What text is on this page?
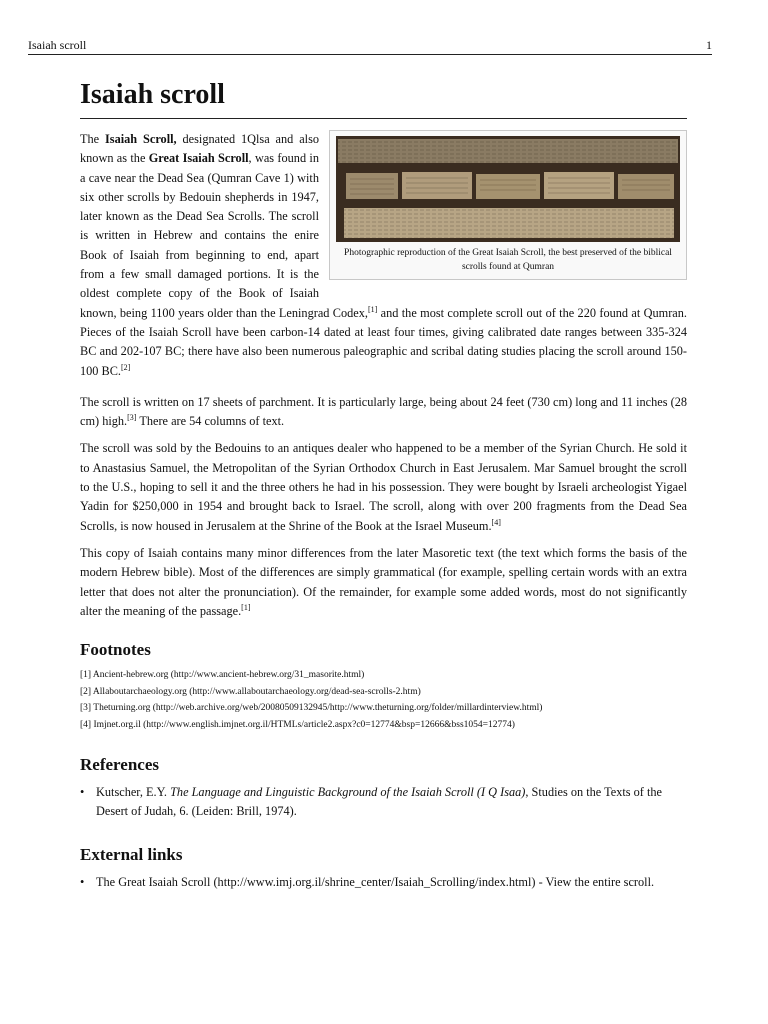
Isaiah scroll	1
Isaiah scroll
Photographic reproduction of the Great Isaiah Scroll, the best preserved of the biblical scrolls found at Qumran

The Isaiah Scroll, designated 1Qlsa and also known as the Great Isaiah Scroll, was found in a cave near the Dead Sea (Qumran Cave 1) with six other scrolls by Bedouin shepherds in 1947, later known as the Dead Sea Scrolls. The scroll is written in Hebrew and contains the enire Book of Isaiah from beginning to end, apart from a few small damaged portions. It is the oldest complete copy of the Book of Isaiah known, being 1100 years older than the Leningrad Codex,[1] and the most complete scroll out of the 220 found at Qumran. Pieces of the Isaiah Scroll have been carbon-14 dated at least four times, giving calibrated date ranges between 335-324 BC and 202-107 BC; there have also been numerous paleographic and scribal dating studies placing the scroll around 150-100 BC.[2]

The scroll is written on 17 sheets of parchment. It is particularly large, being about 24 feet (730 cm) long and 11 inches (28 cm) high.[3] There are 54 columns of text.

The scroll was sold by the Bedouins to an antiques dealer who happened to be a member of the Syrian Church. He sold it to Anastasius Samuel, the Metropolitan of the Syrian Orthodox Church in East Jerusalem. Mar Samuel brought the scroll to the U.S., hoping to sell it and the three others he had in his possession. They were bought by Israeli archeologist Yigael Yadin for $250,000 in 1954 and brought back to Israel. The scroll, along with over 200 fragments from the Dead Sea Scrolls, is now housed in Jerusalem at the Shrine of the Book at the Israel Museum.[4]

This copy of Isaiah contains many minor differences from the later Masoretic text (the text which forms the basis of the modern Hebrew bible). Most of the differences are simply grammatical (for example, spelling certain words with an extra letter that does not alter the pronunciation). Of the remainder, for example some added words, most do not significantly alter the meaning of the passage.[1]

Footnotes
[1] Ancient-hebrew.org (http://www.ancient-hebrew.org/31_masorite.html)
[2] Allaboutarchaeology.org (http://www.allaboutarchaeology.org/dead-sea-scrolls-2.htm)
[3] Theturning.org (http://web.archive.org/web/20080509132945/http://www.theturning.org/folder/millardinterview.html)
[4] Imjnet.org.il (http://www.english.imjnet.org.il/HTMLs/article2.aspx?c0=12774&bsp=12666&bss1054=12774)
References
• Kutscher, E.Y. The Language and Linguistic Background of the Isaiah Scroll (I Q Isaa), Studies on the Texts of the Desert of Judah, 6. (Leiden: Brill, 1974).
External links
• The Great Isaiah Scroll (http://www.imj.org.il/shrine_center/Isaiah_Scrolling/index.html) - View the entire scroll.
